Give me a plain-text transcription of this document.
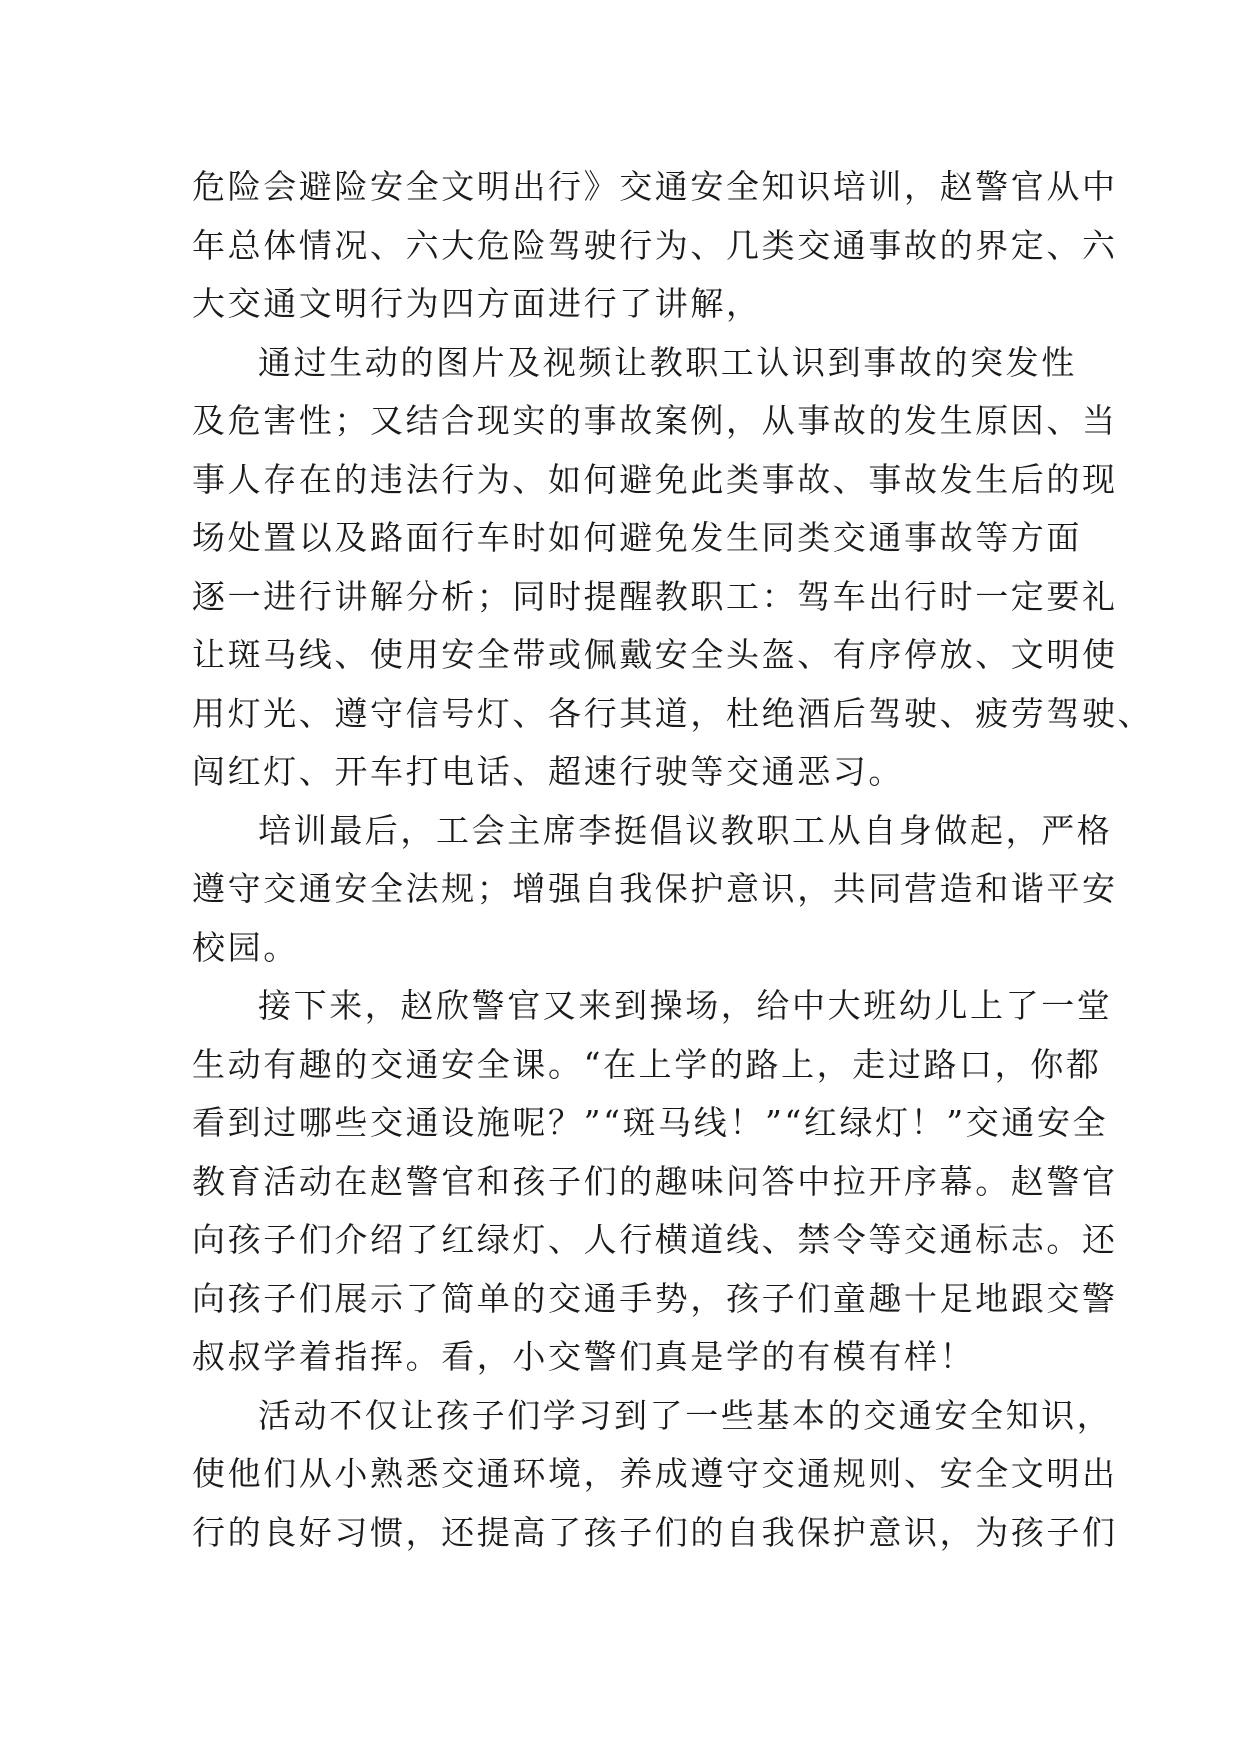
危险会避险安全文明出行》交通安全知识培训，赵警官从中
年总体情况、六大危险驾驶行为、几类交通事故的界定、六
大交通文明行为四方面进行了讲解，
通过生动的图片及视频让教职工认识到事故的突发性
及危害性；又结合现实的事故案例，从事故的发生原因、当
事人存在的违法行为、如何避免此类事故、事故发生后的现
场处置以及路面行车时如何避免发生同类交通事故等方面
逐一进行讲解分析；同时提醒教职工：驾车出行时一定要礼
让斑马线、使用安全带或佩戴安全头盔、有序停放、文明使
用灯光、遵守信号灯、各行其道，杜绝酒后驾驶、疲劳驾驶、
闯红灯、开车打电话、超速行驶等交通恶习。
培训最后，工会主席李挺倡议教职工从自身做起，严格
遵守交通安全法规；增强自我保护意识，共同营造和谐平安
校园。
接下来，赵欣警官又来到操场，给中大班幼儿上了一堂
生动有趣的交通安全课。“在上学的路上，走过路口，你都
看到过哪些交通设施呢？”“斑马线！”“红绿灯！”交通安全
教育活动在赵警官和孩子们的趣味问答中拉开序幕。赵警官
向孩子们介绍了红绿灯、人行横道线、禁令等交通标志。还
向孩子们展示了简单的交通手势，孩子们童趣十足地跟交警
叔叔学着指挥。看，小交警们真是学的有模有样！
活动不仅让孩子们学习到了一些基本的交通安全知识，
使他们从小熟悉交通环境，养成遵守交通规则、安全文明出
行的良好习惯，还提高了孩子们的自我保护意识，为孩子们
